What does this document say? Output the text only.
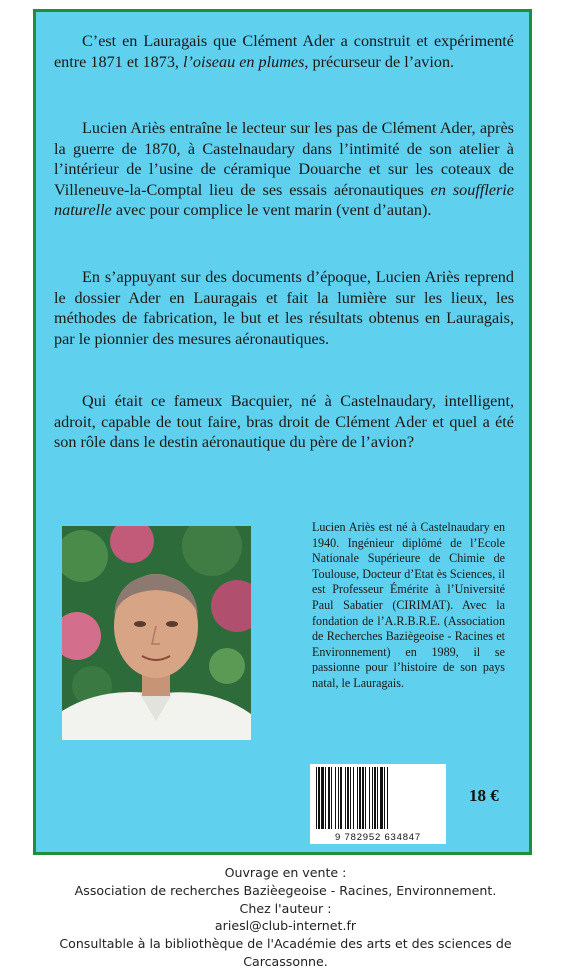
C’est en Lauragais que Clément Ader a construit et expérimenté entre 1871 et 1873, l’oiseau en plumes, précurseur de l’avion.

Lucien Ariès entraîne le lecteur sur les pas de Clément Ader, après la guerre de 1870, à Castelnaudary dans l’intimité de son atelier à l’intérieur de l’usine de céramique Douarche et sur les coteaux de Villeneuve-la-Comptal lieu de ses essais aéronautiques en soufflerie naturelle avec pour complice le vent marin (vent d’autan).

En s’appuyant sur des documents d’époque, Lucien Ariès reprend le dossier Ader en Lauragais et fait la lumière sur les lieux, les méthodes de fabrication, le but et les résultats obtenus en Lauragais, par le pionnier des mesures aéronautiques.

Qui était ce fameux Bacquier, né à Castelnaudary, intelligent, adroit, capable de tout faire, bras droit de Clément Ader et quel a été son rôle dans le destin aéronautique du père de l’avion?

Lucien Ariès est né à Castelnaudary en 1940. Ingénieur diplômé de l’Ecole Nationale Supérieure de Chimie de Toulouse, Docteur d’Etat ès Sciences, il est Professeur Émérite à l’Université Paul Sabatier (CIRIMAT). Avec la fondation de l’A.R.B.R.E. (Association de Recherches Baziègeoise - Racines et Environnement) en 1989, il se passionne pour l’histoire de son pays natal, le Lauragais.

9 782952 634847
18 €
Ouvrage en vente :
Association de recherches Bazièegeoise - Racines, Environnement.
Chez l'auteur :
ariesl@club-internet.fr
Consultable à la bibliothèque de l'Académie des arts et des sciences de
Carcassonne.
